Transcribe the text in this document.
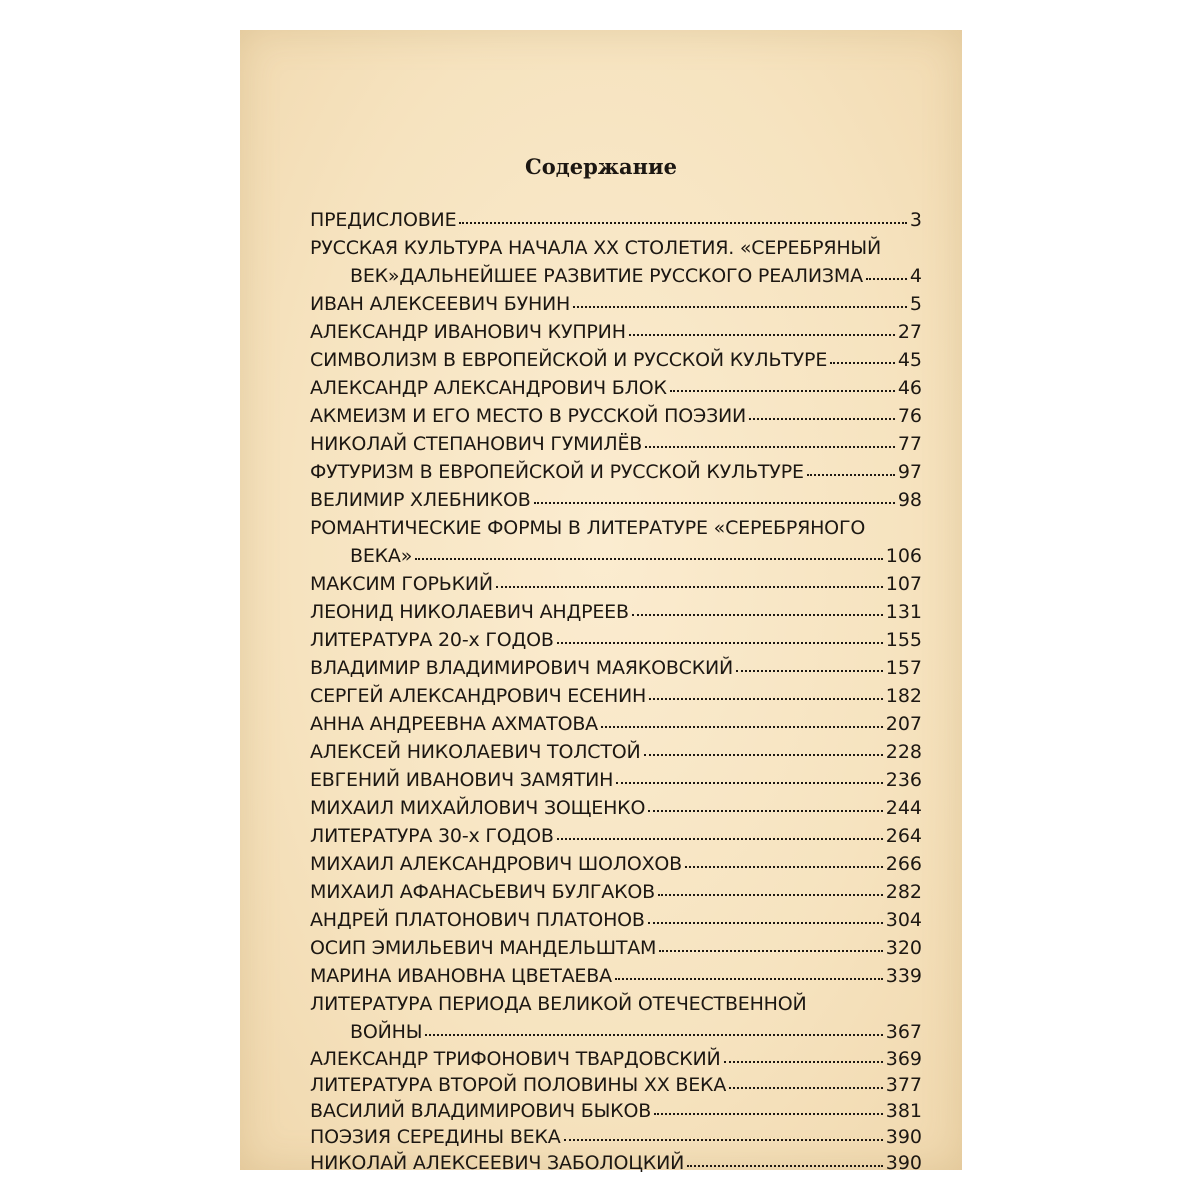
Содержание
ПРЕДИСЛОВИЕ	3
РУССКАЯ КУЛЬТУРА НАЧАЛА XX СТОЛЕТИЯ. «СЕРЕБРЯНЫЙ
ВЕК»ДАЛЬНЕЙШЕЕ РАЗВИТИЕ РУССКОГО РЕАЛИЗМА 4
ИВАН АЛЕКСЕЕВИЧ БУНИН	5
АЛЕКСАНДР ИВАНОВИЧ КУПРИН	27
СИМВОЛИЗМ В ЕВРОПЕЙСКОЙ И РУССКОЙ КУЛЬТУРЕ	45
АЛЕКСАНДР АЛЕКСАНДРОВИЧ БЛОК	46
АКМЕИЗМ И ЕГО МЕСТО В РУССКОЙ ПОЭЗИИ	76
НИКОЛАЙ СТЕПАНОВИЧ ГУМИЛЁВ	77
ФУТУРИЗМ В ЕВРОПЕЙСКОЙ И РУССКОЙ КУЛЬТУРЕ	97
ВЕЛИМИР ХЛЕБНИКОВ	98
РОМАНТИЧЕСКИЕ ФОРМЫ В ЛИТЕРАТУРЕ «СЕРЕБРЯНОГО
ВЕКА»	106
МАКСИМ ГОРЬКИЙ	107
ЛЕОНИД НИКОЛАЕВИЧ АНДРЕЕВ	131
ЛИТЕРАТУРА 20-х ГОДОВ	155
ВЛАДИМИР ВЛАДИМИРОВИЧ МАЯКОВСКИЙ	157
СЕРГЕЙ АЛЕКСАНДРОВИЧ ЕСЕНИН	182
АННА АНДРЕЕВНА АХМАТОВА	207
АЛЕКСЕЙ НИКОЛАЕВИЧ ТОЛСТОЙ	228
ЕВГЕНИЙ ИВАНОВИЧ ЗАМЯТИН	236
МИХАИЛ МИХАЙЛОВИЧ ЗОЩЕНКО	244
ЛИТЕРАТУРА 30-х ГОДОВ	264
МИХАИЛ АЛЕКСАНДРОВИЧ ШОЛОХОВ	266
МИХАИЛ АФАНАСЬЕВИЧ БУЛГАКОВ	282
АНДРЕЙ ПЛАТОНОВИЧ ПЛАТОНОВ	304
ОСИП ЭМИЛЬЕВИЧ МАНДЕЛЬШТАМ	320
МАРИНА ИВАНОВНА ЦВЕТАЕВА	339
ЛИТЕРАТУРА ПЕРИОДА ВЕЛИКОЙ ОТЕЧЕСТВЕННОЙ
ВОЙНЫ	367
АЛЕКСАНДР ТРИФОНОВИЧ ТВАРДОВСКИЙ	369
ЛИТЕРАТУРА ВТОРОЙ ПОЛОВИНЫ XX ВЕКА	377
ВАСИЛИЙ ВЛАДИМИРОВИЧ БЫКОВ	381
ПОЭЗИЯ СЕРЕДИНЫ ВЕКА	390
НИКОЛАЙ АЛЕКСЕЕВИЧ ЗАБОЛОЦКИЙ	390
